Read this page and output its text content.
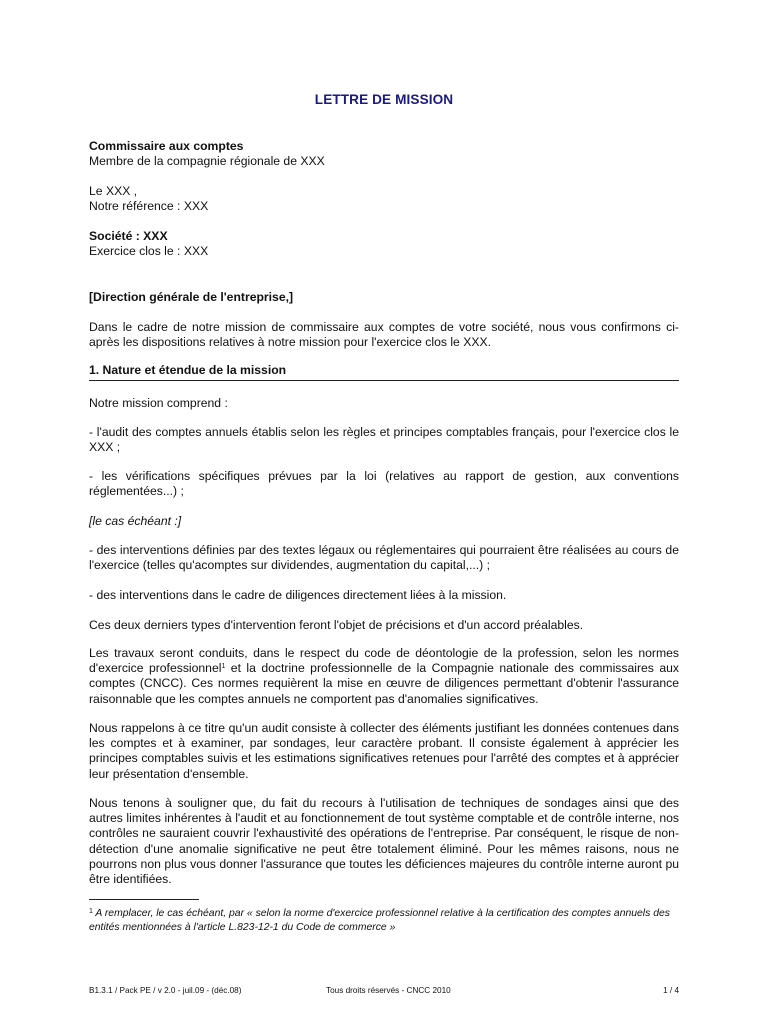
LETTRE DE MISSION

Commissaire aux comptes

Membre de la compagnie régionale de XXX

Le XXX ,

Notre référence : XXX

Société : XXX

Exercice clos le : XXX

[Direction générale de l'entreprise,]

Dans le cadre de notre mission de commissaire aux comptes de votre société, nous vous confirmons ci-après les dispositions relatives à notre mission pour l'exercice clos le XXX.

1. Nature et étendue de la mission

Notre mission comprend :

- l'audit des comptes annuels établis selon les règles et principes comptables français, pour l'exercice clos le XXX ;

- les vérifications spécifiques prévues par la loi (relatives au rapport de gestion, aux conventions réglementées...) ;

[le cas échéant :]

- des interventions définies par des textes légaux ou réglementaires qui pourraient être réalisées au cours de l'exercice (telles qu'acomptes sur dividendes, augmentation du capital,...) ;

- des interventions dans le cadre de diligences directement liées à la mission.

Ces deux derniers types d'intervention feront l'objet de précisions et d'un accord préalables.

Les travaux seront conduits, dans le respect du code de déontologie de la profession, selon les normes d'exercice professionnel$^1$ et la doctrine professionnelle de la Compagnie nationale des commissaires aux comptes (CNCC). Ces normes requièrent la mise en œuvre de diligences permettant d'obtenir l'assurance raisonnable que les comptes annuels ne comportent pas d'anomalies significatives.

Nous rappelons à ce titre qu'un audit consiste à collecter des éléments justifiant les données contenues dans les comptes et à examiner, par sondages, leur caractère probant. Il consiste également à apprécier les principes comptables suivis et les estimations significatives retenues pour l'arrêté des comptes et à apprécier leur présentation d'ensemble.

Nous tenons à souligner que, du fait du recours à l'utilisation de techniques de sondages ainsi que des autres limites inhérentes à l'audit et au fonctionnement de tout système comptable et de contrôle interne, nos contrôles ne sauraient couvrir l'exhaustivité des opérations de l'entreprise. Par conséquent, le risque de non-détection d'une anomalie significative ne peut être totalement éliminé. Pour les mêmes raisons, nous ne pourrons non plus vous donner l'assurance que toutes les déficiences majeures du contrôle interne auront pu être identifiées.

$^1$ A remplacer, le cas échéant, par « selon la norme d'exercice professionnel relative à la certification des comptes annuels des entités mentionnées à l'article L.823-12-1 du Code de commerce »

B1.3.1 / Pack PE / v 2.0 - juil.09 - (déc.08)	Tous droits réservés - CNCC 2010	1 / 4
